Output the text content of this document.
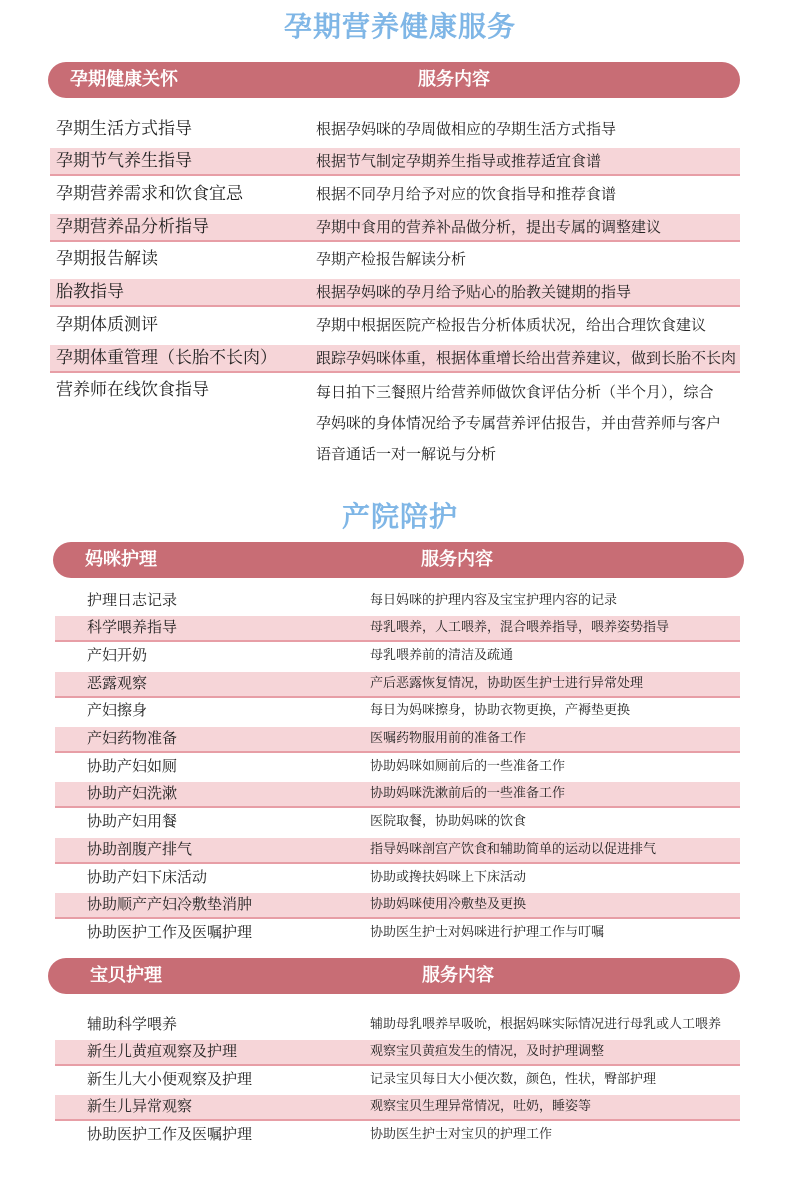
孕期营养健康服务
孕期健康关怀	服务内容
孕期生活方式指导	根据孕妈咪的孕周做相应的孕期生活方式指导
孕期节气养生指导	根据节气制定孕期养生指导或推荐适宜食谱
孕期营养需求和饮食宜忌	根据不同孕月给予对应的饮食指导和推荐食谱
孕期营养品分析指导	孕期中食用的营养补品做分析，提出专属的调整建议
孕期报告解读	孕期产检报告解读分析
胎教指导	根据孕妈咪的孕月给予贴心的胎教关键期的指导
孕期体质测评	孕期中根据医院产检报告分析体质状况，给出合理饮食建议
孕期体重管理（长胎不长肉）	跟踪孕妈咪体重，根据体重增长给出营养建议，做到长胎不长肉
营养师在线饮食指导	每日拍下三餐照片给营养师做饮食评估分析（半个月），综合孕妈咪的身体情况给予专属营养评估报告，并由营养师与客户语音通话一对一解说与分析
产院陪护
妈咪护理	服务内容
护理日志记录	每日妈咪的护理内容及宝宝护理内容的记录
科学喂养指导	母乳喂养，人工喂养，混合喂养指导，喂养姿势指导
产妇开奶	母乳喂养前的清洁及疏通
恶露观察	产后恶露恢复情况，协助医生护士进行异常处理
产妇擦身	每日为妈咪擦身，协助衣物更换，产褥垫更换
产妇药物准备	医嘱药物服用前的准备工作
协助产妇如厕	协助妈咪如厕前后的一些准备工作
协助产妇洗漱	协助妈咪洗漱前后的一些准备工作
协助产妇用餐	医院取餐，协助妈咪的饮食
协助剖腹产排气	指导妈咪剖宫产饮食和辅助简单的运动以促进排气
协助产妇下床活动	协助或搀扶妈咪上下床活动
协助顺产产妇冷敷垫消肿	协助妈咪使用冷敷垫及更换
协助医护工作及医嘱护理	协助医生护士对妈咪进行护理工作与叮嘱
宝贝护理	服务内容
辅助科学喂养	辅助母乳喂养早吸吮，根据妈咪实际情况进行母乳或人工喂养
新生儿黄疸观察及护理	观察宝贝黄疸发生的情况，及时护理调整
新生儿大小便观察及护理	记录宝贝每日大小便次数，颜色，性状，臀部护理
新生儿异常观察	观察宝贝生理异常情况，吐奶，睡姿等
协助医护工作及医嘱护理	协助医生护士对宝贝的护理工作
